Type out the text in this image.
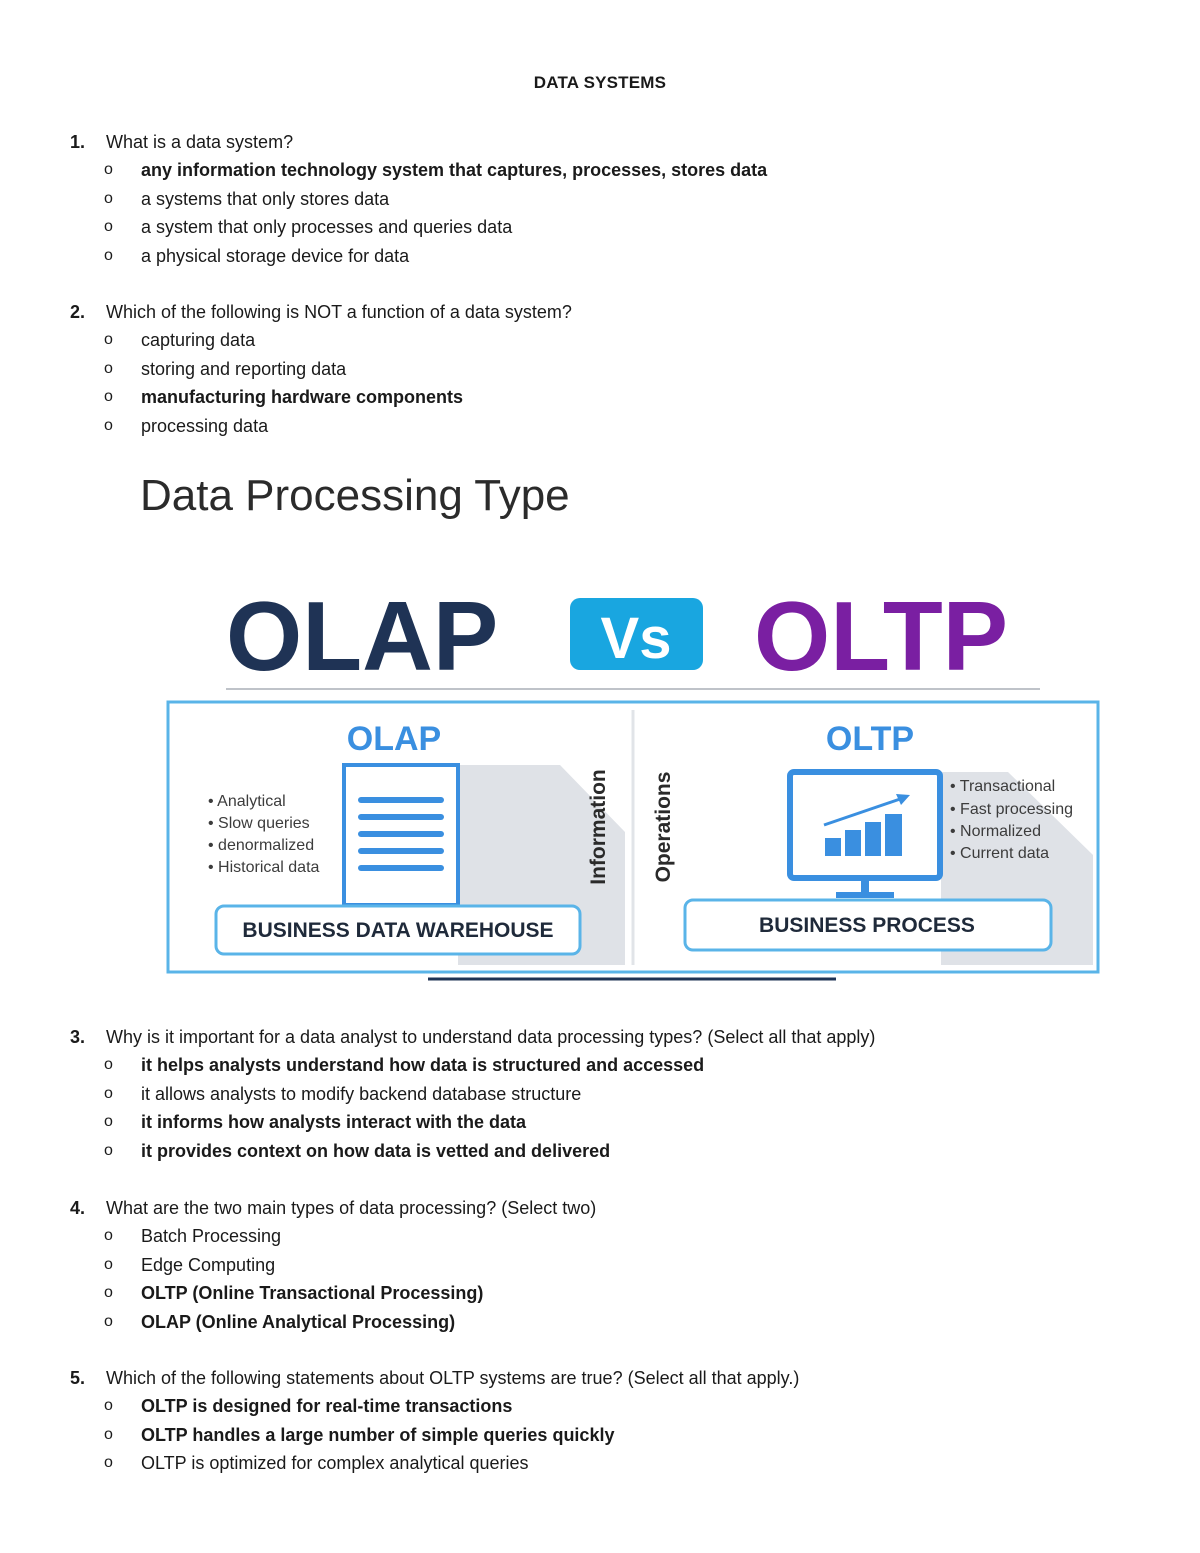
DATA SYSTEMS
1.	What is a data system?
o	any information technology system that captures, processes, stores data
o	a systems that only stores data
o	a system that only processes and queries data
o	a physical storage device for data
2.	Which of the following is NOT a function of a data system?
o	capturing data
o	storing and reporting data
o	manufacturing hardware components
o	processing data
Data Processing Type
OLAP Vs OLTP
OLAP
• Analytical
• Slow queries
• denormalized
• Historical data
BUSINESS DATA WAREHOUSE
Information Operations
OLTP
• Transactional
• Fast processing
• Normalized
• Current data
BUSINESS PROCESS
3.	Why is it important for a data analyst to understand data processing types? (Select all that apply)
o	it helps analysts understand how data is structured and accessed
o	it allows analysts to modify backend database structure
o	it informs how analysts interact with the data
o	it provides context on how data is vetted and delivered
4.	What are the two main types of data processing? (Select two)
o	Batch Processing
o	Edge Computing
o	OLTP (Online Transactional Processing)
o	OLAP (Online Analytical Processing)
5.	Which of the following statements about OLTP systems are true? (Select all that apply.)
o	OLTP is designed for real-time transactions
o	OLTP handles a large number of simple queries quickly
o	OLTP is optimized for complex analytical queries
